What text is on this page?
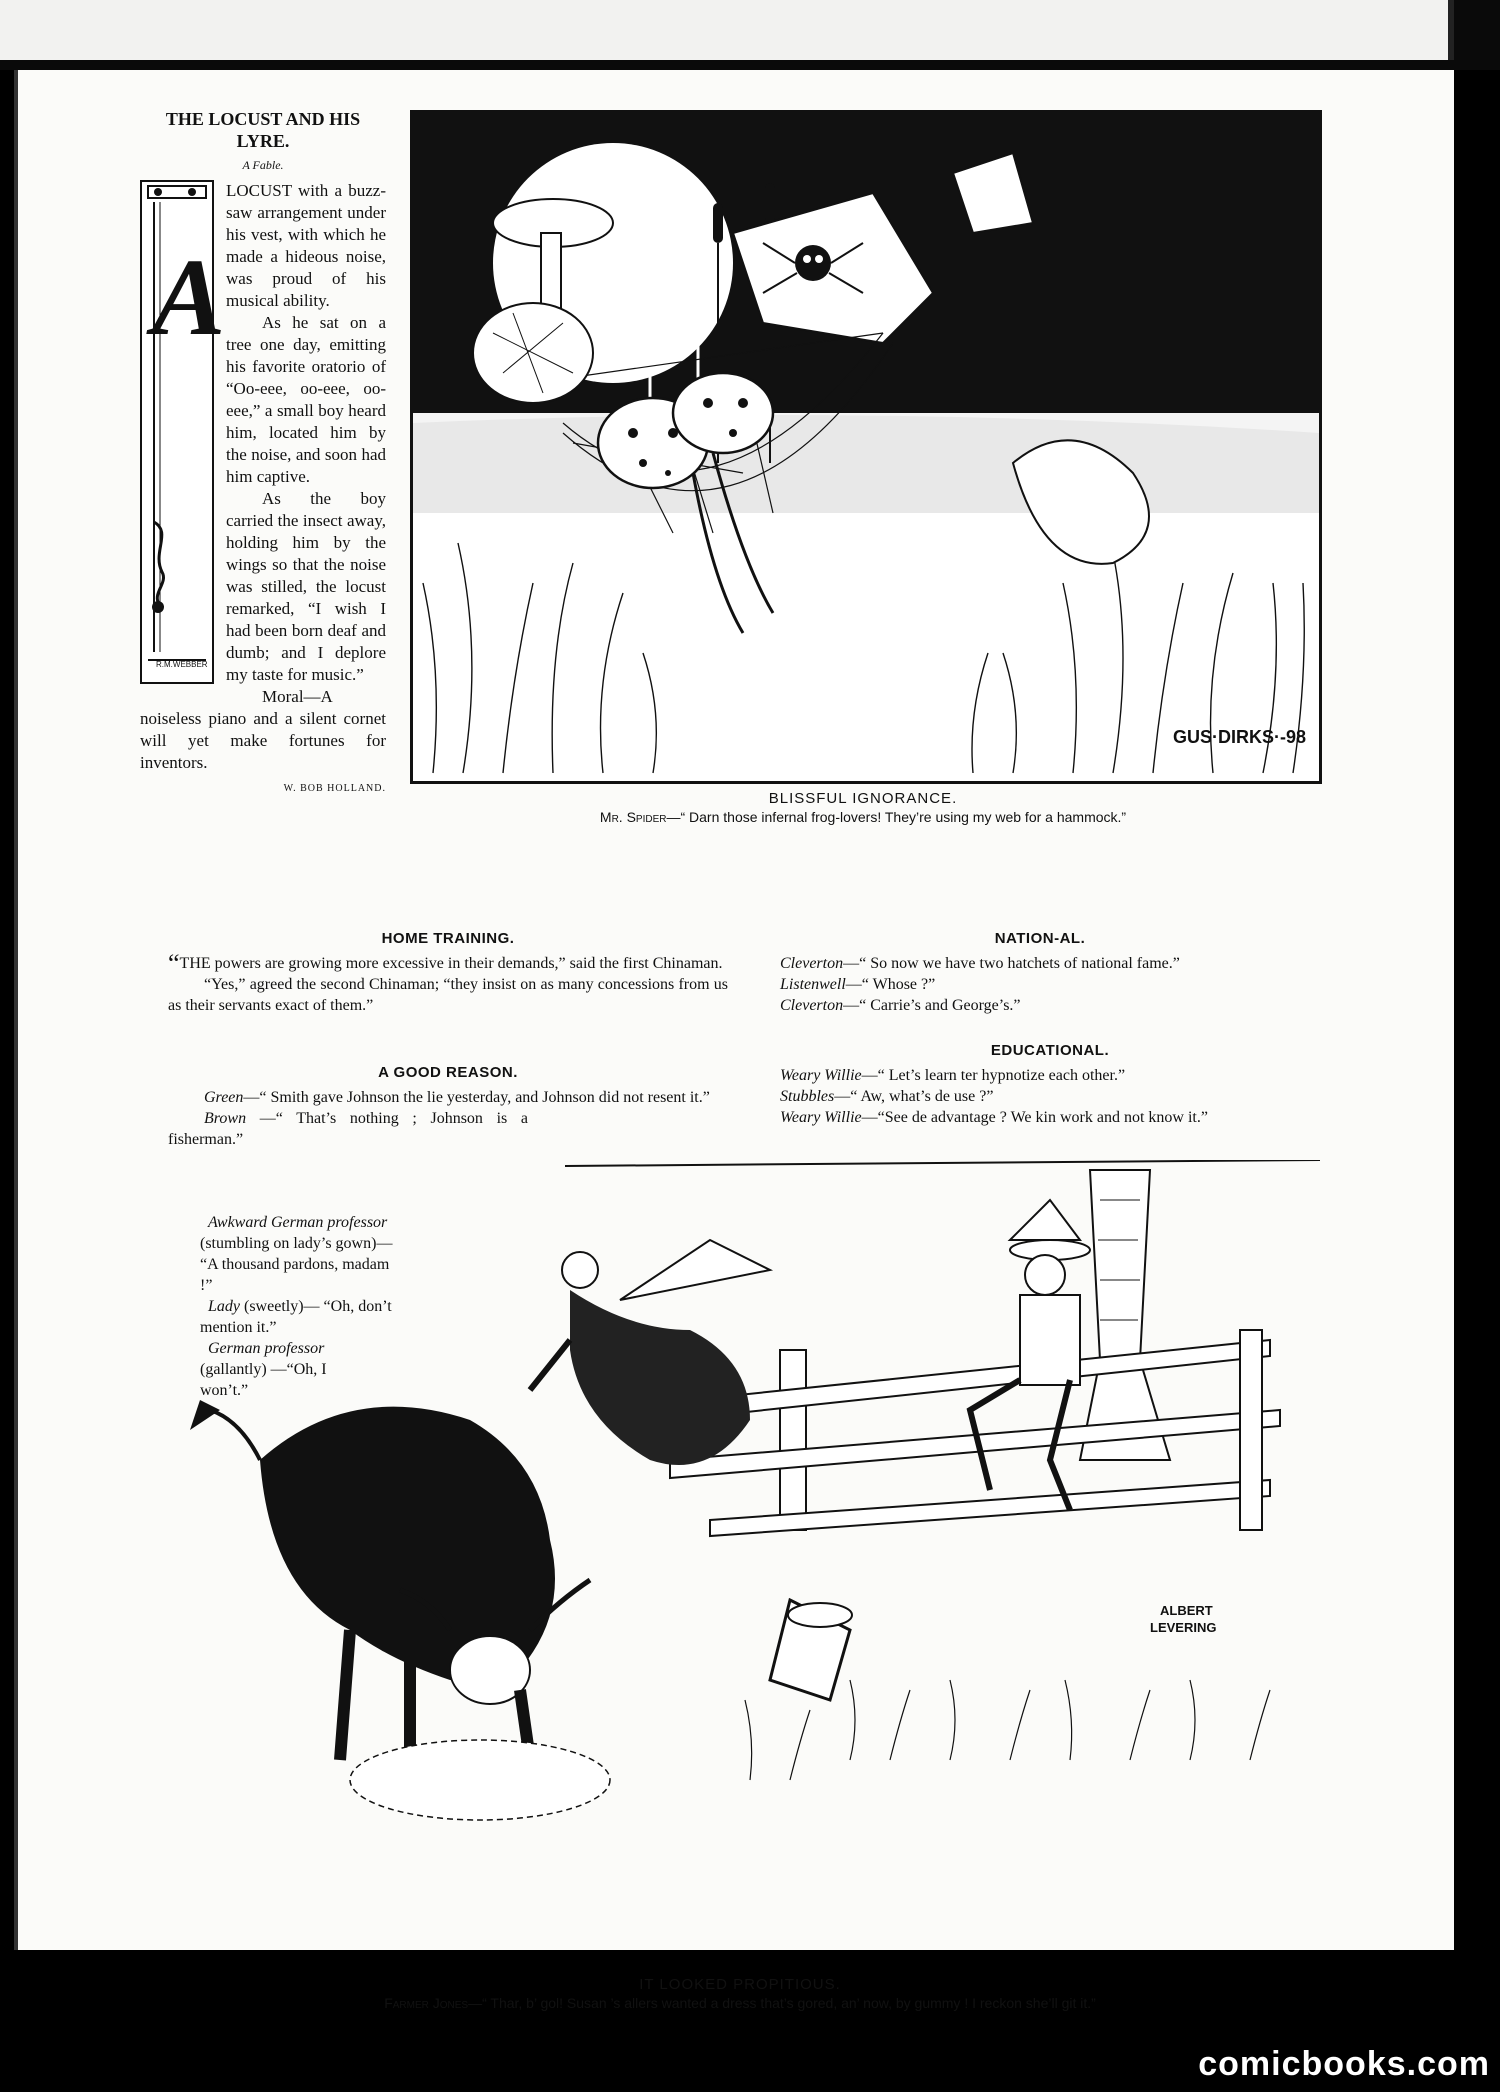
THE LOCUST AND HIS LYRE.
A Fable.
A
R.M.WEBBER

LOCUST with a buzz-saw arrangement under his vest, with which he made a hideous noise, was proud of his musical ability.

As he sat on a tree one day, emitting his favorite oratorio of “Oo-eee, oo-eee, oo-eee,” a small boy heard him, located him by the noise, and soon had him captive.

As the boy carried the insect away, holding him by the wings so that the noise was stilled, the locust remarked, “I wish I had been born deaf and dumb; and I deplore my taste for music.”

Moral—A noiseless piano and a silent cornet will yet make fortunes for inventors.

W. BOB HOLLAND.
GUS·DIRKS·-98
BLISSFUL IGNORANCE.
Mr. Spider—“ Darn those infernal frog-lovers! They’re using my web for a hammock.”
HOME TRAINING.

“THE powers are growing more excessive in their demands,” said the first Chinaman.

“Yes,” agreed the second Chinaman; “they insist on as many concessions from us as their servants exact of them.”

A GOOD REASON.

Green—“ Smith gave Johnson the lie yesterday, and Johnson did not resent it.”

Brown —“ That’s nothing ; Johnson is a fisherman.”

NATION-AL.

Cleverton—“ So now we have two hatchets of national fame.”

Listenwell—“ Whose ?”

Cleverton—“ Carrie’s and George’s.”

EDUCATIONAL.

Weary Willie—“ Let’s learn ter hypnotize each other.”

Stubbles—“ Aw, what’s de use ?”

Weary Willie—“See de advantage ? We kin work and not know it.”

ALBERT
LEVERING

Awkward German professor (stumbling on lady’s gown)— “A thousand pardons, madam !”

Lady (sweetly)— “Oh, don’t mention it.”

German professor (gallantly) —“Oh, I won’t.”

IT LOOKED PROPITIOUS.
Farmer Jones—“ Thar, b’ gol! Susan ’s allers wanted a dress that’s gored, an’ now, by gummy ! I reckon she’ll git it.”
comicbooks.com
